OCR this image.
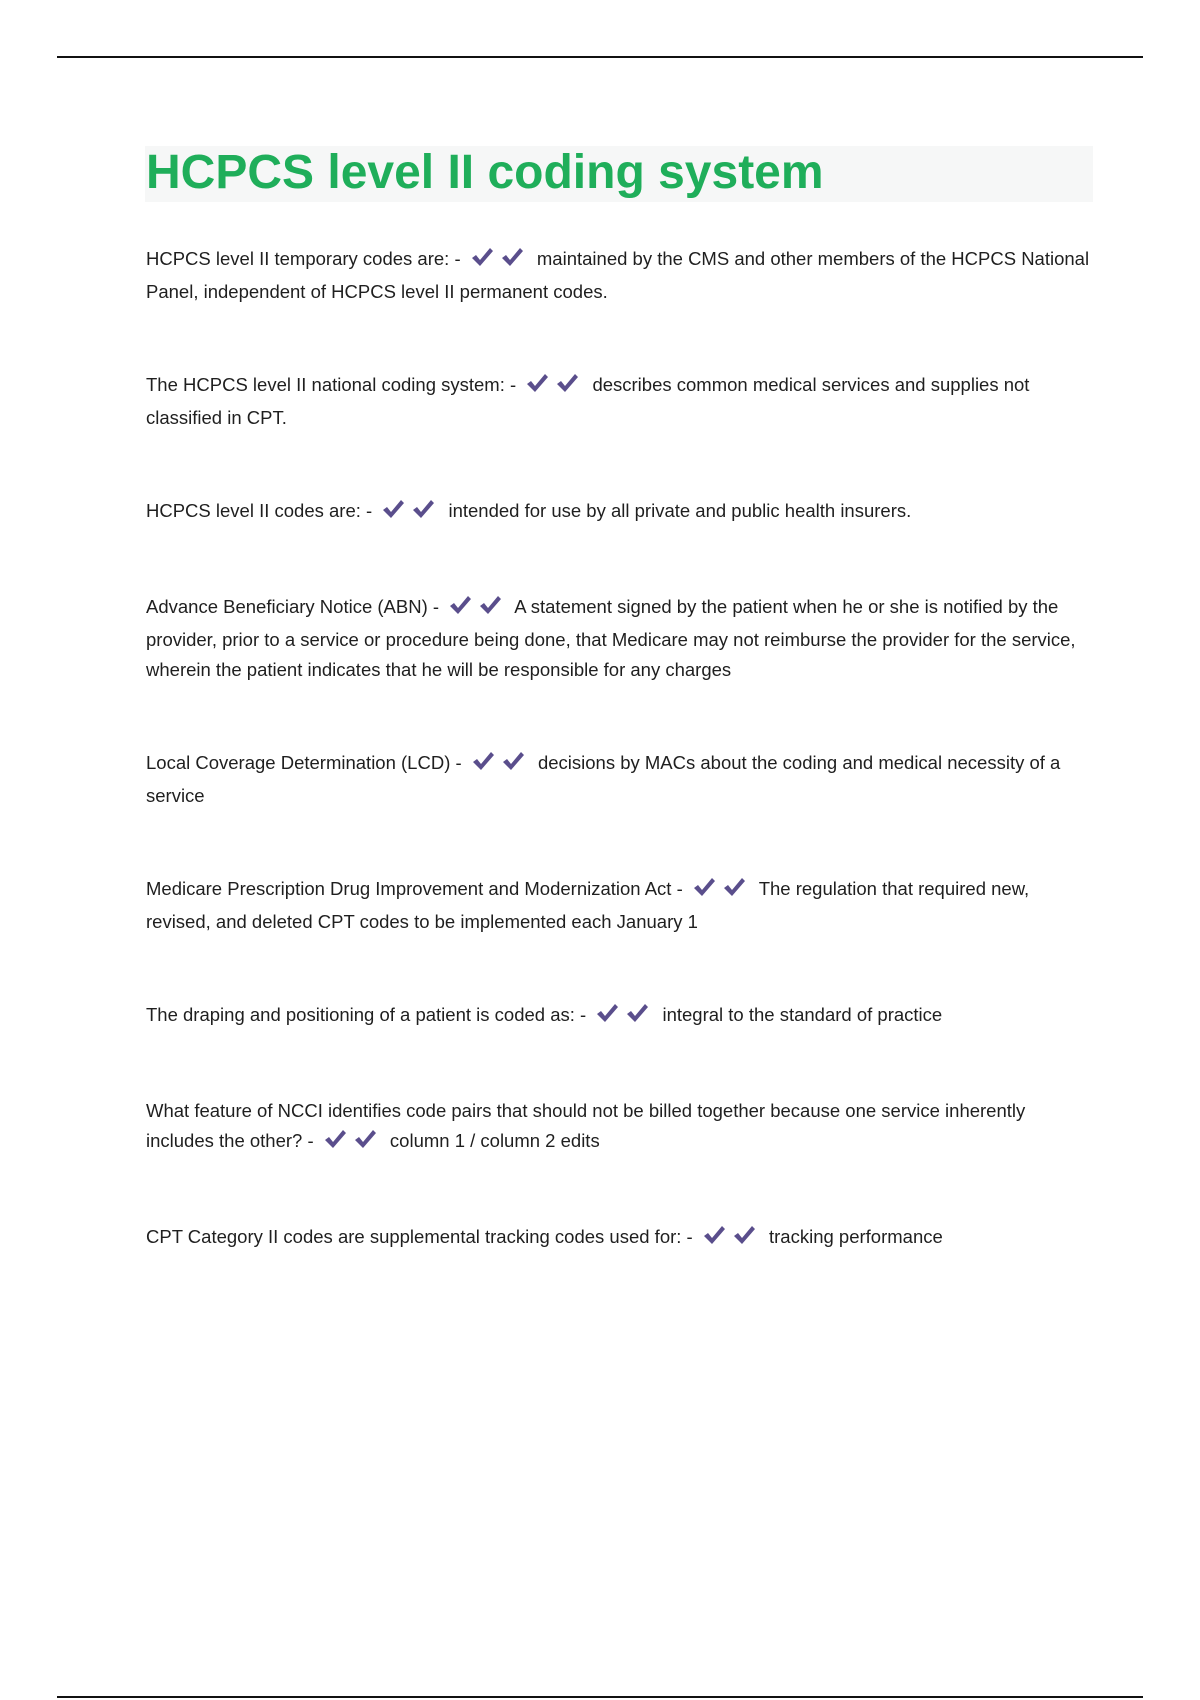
HCPCS level II coding system

HCPCS level II temporary codes are: -	maintained by the CMS and other members of the HCPCS National Panel, independent of HCPCS level II permanent codes.

The HCPCS level II national coding system: -	describes common medical services and supplies not classified in CPT.

HCPCS level II codes are: -	intended for use by all private and public health insurers.

Advance Beneficiary Notice (ABN) -	A statement signed by the patient when he or she is notified by the provider, prior to a service or procedure being done, that Medicare may not reimburse the provider for the service, wherein the patient indicates that he will be responsible for any charges

Local Coverage Determination (LCD) -	decisions by MACs about the coding and medical necessity of a service

Medicare Prescription Drug Improvement and Modernization Act -	The regulation that required new, revised, and deleted CPT codes to be implemented each January 1

The draping and positioning of a patient is coded as: -	integral to the standard of practice

What feature of NCCI identifies code pairs that should not be billed together because one service inherently includes the other? -	column 1 / column 2 edits

CPT Category II codes are supplemental tracking codes used for: -	tracking performance
